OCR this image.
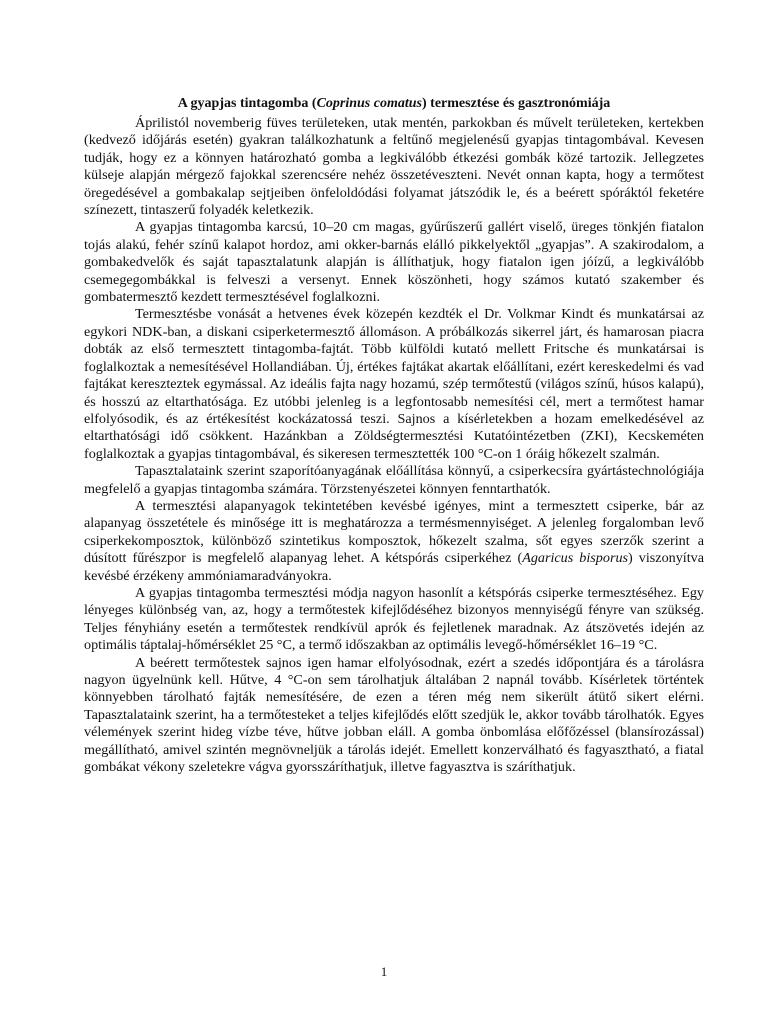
A gyapjas tintagomba (Coprinus comatus) termesztése és gasztronómiája

Áprilistól novemberig füves területeken, utak mentén, parkokban és művelt területeken, kertekben (kedvező időjárás esetén) gyakran találkozhatunk a feltűnő megjelenésű gyapjas tintagombával. Kevesen tudják, hogy ez a könnyen határozható gomba a legkiválóbb étkezési gombák közé tartozik. Jellegzetes külseje alapján mérgező fajokkal szerencsére nehéz összetéveszteni. Nevét onnan kapta, hogy a termőtest öregedésével a gombakalap sejtjeiben önfeloldódási folyamat játszódik le, és a beérett spóráktól feketére színezett, tintaszerű folyadék keletkezik.

A gyapjas tintagomba karcsú, 10–20 cm magas, gyűrűszerű gallért viselő, üreges tönkjén fiatalon tojás alakú, fehér színű kalapot hordoz, ami okker-barnás elálló pikkelyektől „gyapjas”. A szakirodalom, a gombakedvelők és saját tapasztalatunk alapján is állíthatjuk, hogy fiatalon igen jóízű, a legkiválóbb csemegegombákkal is felveszi a versenyt. Ennek köszönheti, hogy számos kutató szakember és gombatermesztő kezdett termesztésével foglalkozni.

Termesztésbe vonását a hetvenes évek közepén kezdték el Dr. Volkmar Kindt és munkatársai az egykori NDK-ban, a diskani csiperketermesztő állomáson. A próbálkozás sikerrel járt, és hamarosan piacra dobták az első termesztett tintagomba-fajtát. Több külföldi kutató mellett Fritsche és munkatársai is foglalkoztak a nemesítésével Hollandiában. Új, értékes fajtákat akartak előállítani, ezért kereskedelmi és vad fajtákat kereszteztek egymással. Az ideális fajta nagy hozamú, szép termőtestű (világos színű, húsos kalapú), és hosszú az eltarthatósága. Ez utóbbi jelenleg is a legfontosabb nemesítési cél, mert a termőtest hamar elfolyósodik, és az értékesítést kockázatossá teszi. Sajnos a kísérletekben a hozam emelkedésével az eltarthatósági idő csökkent. Hazánkban a Zöldségtermesztési Kutatóintézetben (ZKI), Kecskeméten foglalkoztak a gyapjas tintagombával, és sikeresen termesztették 100 °C-on 1 óráig hőkezelt szalmán.

Tapasztalataink szerint szaporítóanyagának előállítása könnyű, a csiperkecsíra gyártástechnológiája megfelelő a gyapjas tintagomba számára. Törzstenyészetei könnyen fenntarthatók.

A termesztési alapanyagok tekintetében kevésbé igényes, mint a termesztett csiperke, bár az alapanyag összetétele és minősége itt is meghatározza a termésmennyiséget. A jelenleg forgalomban levő csiperkekomposztok, különböző szintetikus komposztok, hőkezelt szalma, sőt egyes szerzők szerint a dúsított fűrészpor is megfelelő alapanyag lehet. A kétspórás csiperkéhez (Agaricus bisporus) viszonyítva kevésbé érzékeny ammóniamaradványokra.

A gyapjas tintagomba termesztési módja nagyon hasonlít a kétspórás csiperke termesztéséhez. Egy lényeges különbség van, az, hogy a termőtestek kifejlődéséhez bizonyos mennyiségű fényre van szükség. Teljes fényhiány esetén a termőtestek rendkívül aprók és fejletlenek maradnak. Az átszövetés idején az optimális táptalaj-hőmérséklet 25 °C, a termő időszakban az optimális levegő-hőmérséklet 16–19 °C.

A beérett termőtestek sajnos igen hamar elfolyósodnak, ezért a szedés időpontjára és a tárolásra nagyon ügyelnünk kell. Hűtve, 4 °C-on sem tárolhatjuk általában 2 napnál tovább. Kísérletek történtek könnyebben tárolható fajták nemesítésére, de ezen a téren még nem sikerült átütő sikert elérni. Tapasztalataink szerint, ha a termőtesteket a teljes kifejlődés előtt szedjük le, akkor tovább tárolhatók. Egyes vélemények szerint hideg vízbe téve, hűtve jobban eláll. A gomba önbomlása előfőzéssel (blansírozással) megállítható, amivel szintén megnövneljük a tárolás idejét. Emellett konzerválható és fagyasztható, a fiatal gombákat vékony szeletekre vágva gyorsszáríthatjuk, illetve fagyasztva is száríthatjuk.

1
